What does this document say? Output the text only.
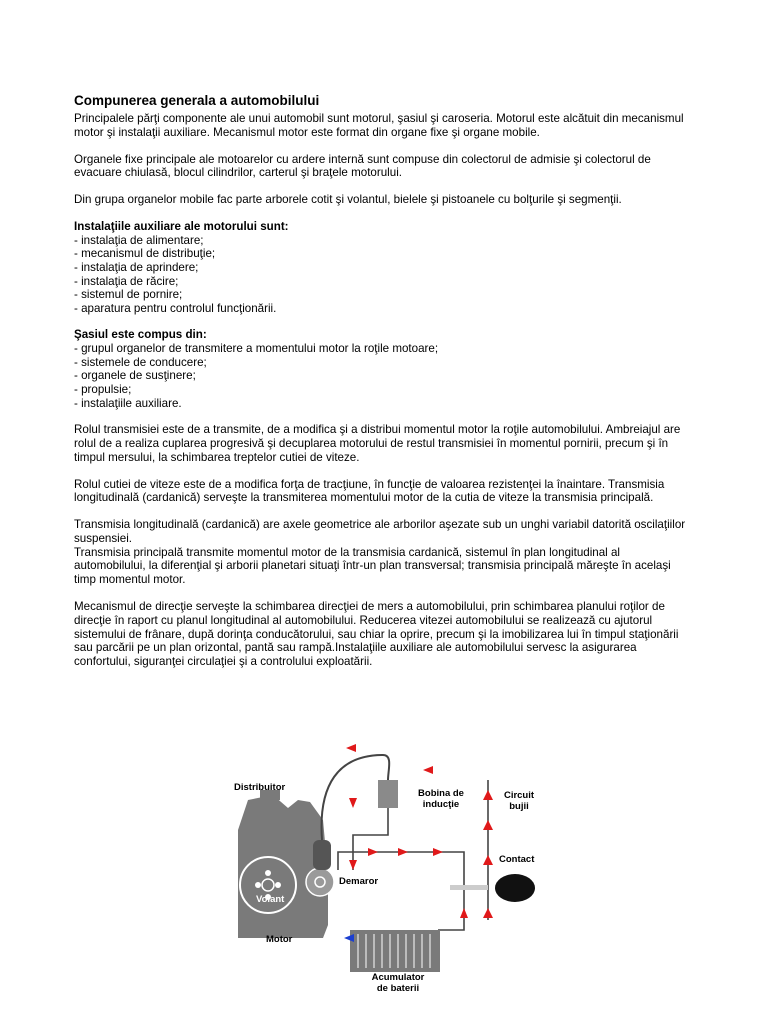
Compunerea generala a automobilului

Principalele părţi componente ale unui automobil sunt motorul, şasiul şi caroseria. Motorul este alcătuit din mecanismul motor şi instalaţii auxiliare. Mecanismul motor este format din organe fixe şi organe mobile.

Organele fixe principale ale motoarelor cu ardere internă sunt compuse din colectorul de admisie şi colectorul de evacuare chiulasă, blocul cilindrilor, carterul şi braţele motorului.

Din grupa organelor mobile fac parte arborele cotit şi volantul, bielele şi pistoanele cu bolţurile şi segmenţii.

Instalaţiile auxiliare ale motorului sunt:
- instalaţia de alimentare;
- mecanismul de distribuţie;
- instalaţia de aprindere;
- instalaţia de răcire;
- sistemul de pornire;
- aparatura pentru controlul funcţionării.
Şasiul este compus din:
- grupul organelor de transmitere a momentului motor la roţile motoare;
- sistemele de conducere;
- organele de susţinere;
- propulsie;
- instalaţiile auxiliare.

Rolul transmisiei este de a transmite, de a modifica şi a distribui momentul motor la roţile automobilului. Ambreiajul are rolul de a realiza cuplarea progresivă şi decuplarea motorului de restul transmisiei în momentul pornirii, precum şi în timpul mersului, la schimbarea treptelor cutiei de viteze.

Rolul cutiei de viteze este de a modifica forţa de tracţiune, în funcţie de valoarea rezistenţei la înaintare. Transmisia longitudinală (cardanică) serveşte la transmiterea momentului motor de la cutia de viteze la transmisia principală.

Transmisia longitudinală (cardanică) are axele geometrice ale arborilor aşezate sub un unghi variabil datorită oscilaţiilor suspensiei.

Transmisia principală transmite momentul motor de la transmisia cardanică, sistemul în plan longitudinal al automobilului, la diferenţial şi arborii planetari situaţi într-un plan transversal; transmisia principală măreşte în acelaşi timp momentul motor.

Mecanismul de direcţie serveşte la schimbarea direcţiei de mers a automobilului, prin schimbarea planului roţilor de direcţie în raport cu planul longitudinal al automobilului. Reducerea vitezei automobilului se realizează cu ajutorul sistemului de frânare, după dorinţa conducătorului, sau chiar la oprire, precum şi la imobilizarea lui în timpul staţionării sau parcării pe un plan orizontal, pantă sau rampă.Instalaţiile auxiliare ale automobilului servesc la asigurarea confortului, siguranţei circulaţiei şi a controlului exploatării.

Distribuitor
Bobina de
inducţie
Circuit
bujii
Contact
Demaror
Volant
Motor
Acumulator
de baterii
